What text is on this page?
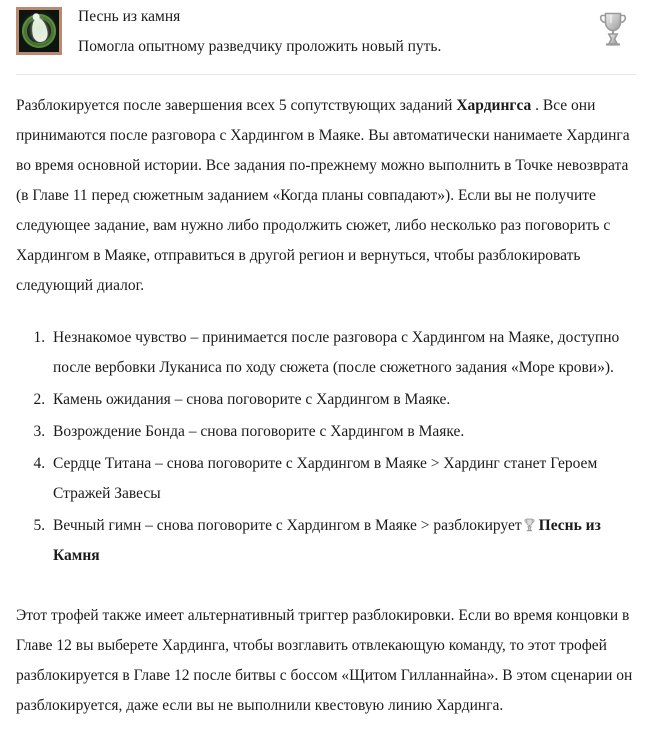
Песнь из камня
Помогла опытному разведчику проложить новый путь.

Разблокируется после завершения всех 5 сопутствующих заданий Хардингса . Все они принимаются после разговора с Хардингом в Маяке. Вы автоматически нанимаете Хардинга во время основной истории. Все задания по-прежнему можно выполнить в Точке невозврата (в Главе 11 перед сюжетным заданием «Когда планы совпадают»). Если вы не получите следующее задание, вам нужно либо продолжить сюжет, либо несколько раз поговорить с Хардингом в Маяке, отправиться в другой регион и вернуться, чтобы разблокировать следующий диалог.

1. Незнакомое чувство – принимается после разговора с Хардингом на Маяке, доступно после вербовки Луканиса по ходу сюжета (после сюжетного задания «Море крови»).
2. Камень ожидания – снова поговорите с Хардингом в Маяке.
3. Возрождение Бонда – снова поговорите с Хардингом в Маяке.
4. Сердце Титана – снова поговорите с Хардингом в Маяке > Хардинг станет Героем Стражей Завесы
5. Вечный гимн – снова поговорите с Хардингом в Маяке > разблокирует Песнь из Камня

Этот трофей также имеет альтернативный триггер разблокировки. Если во время концовки в Главе 12 вы выберете Хардинга, чтобы возглавить отвлекающую команду, то этот трофей разблокируется в Главе 12 после битвы с боссом «Щитом Гилланнайна». В этом сценарии он разблокируется, даже если вы не выполнили квестовую линию Хардинга.
